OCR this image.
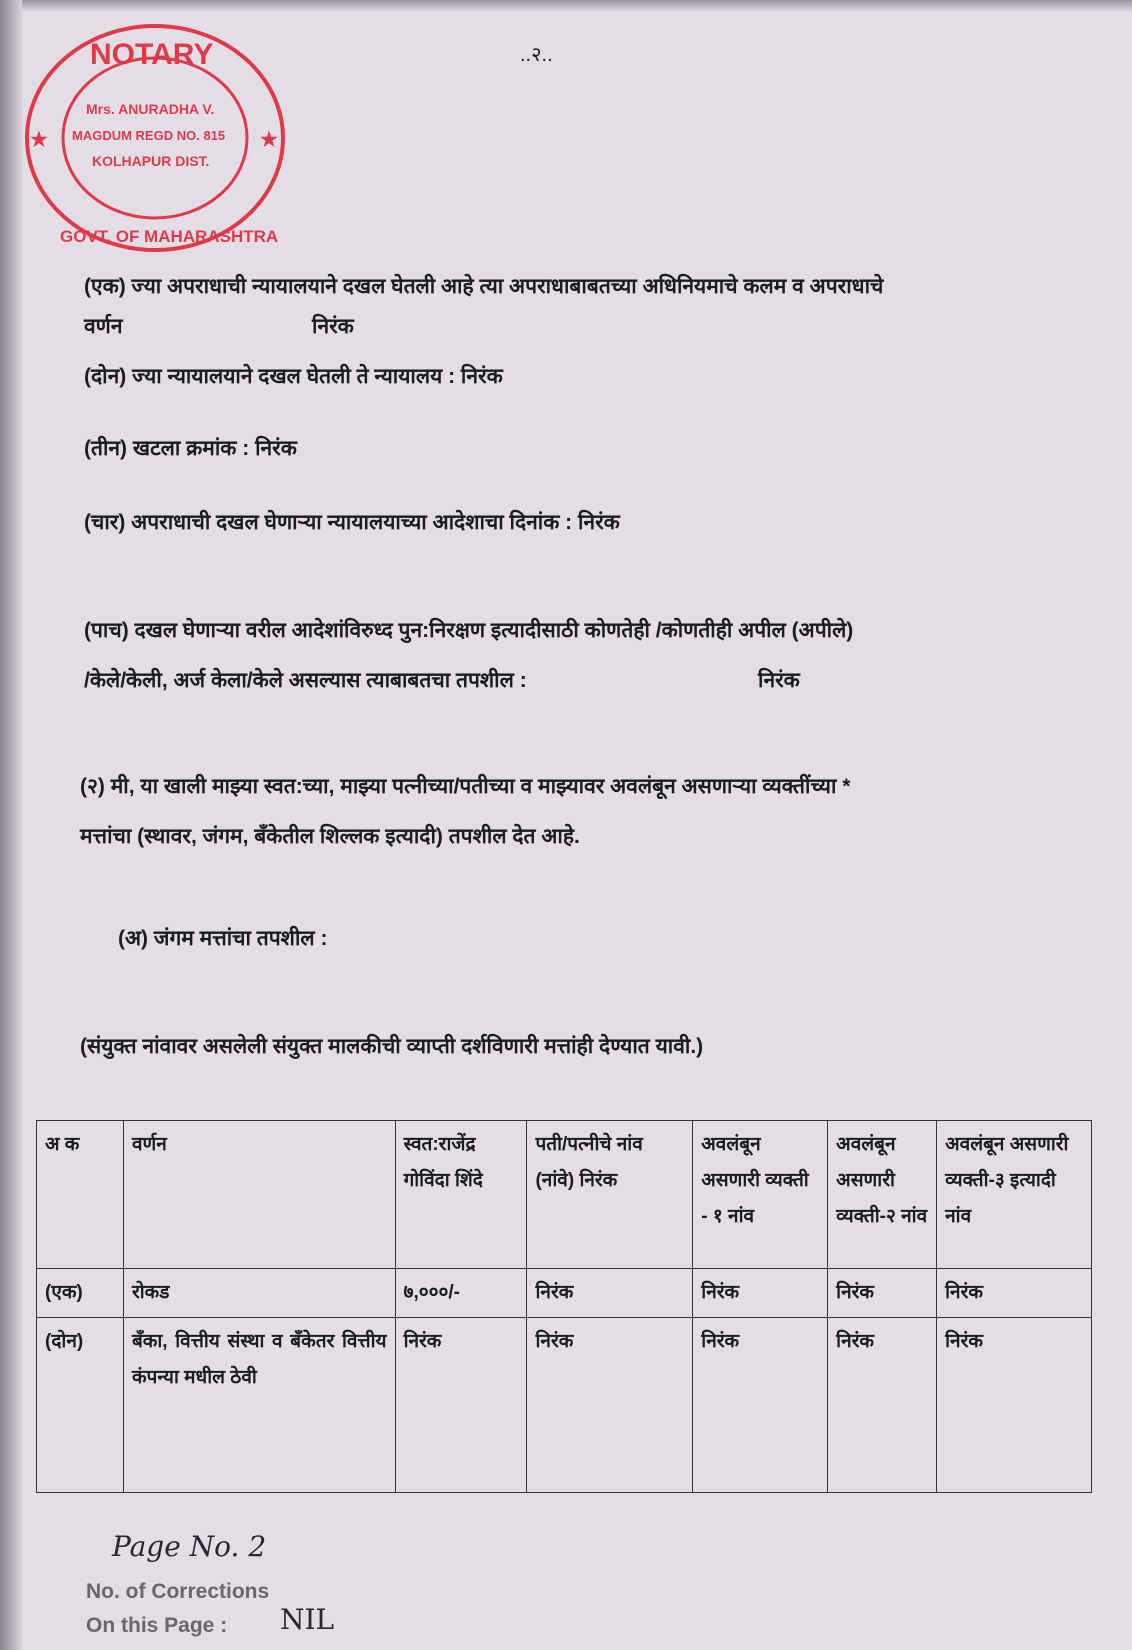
..२..
(एक) ज्या अपराधाची न्यायालयाने दखल घेतली आहे त्या अपराधाबाबतच्या अधिनियमाचे कलम व अपराधाचे
वर्णन	निरंक
(दोन) ज्या न्यायालयाने दखल घेतली ते न्यायालय : निरंक
(तीन) खटला क्रमांक : निरंक
(चार) अपराधाची दखल घेणाऱ्या न्यायालयाच्या आदेशाचा दिनांक : निरंक
(पाच) दखल घेणाऱ्या वरील आदेशांविरुध्द पुन:निरक्षण इत्यादीसाठी कोणतेही /कोणतीही अपील (अपीले)
/केले/केली, अर्ज केला/केले असल्यास त्याबाबतचा तपशील :	निरंक
(२) मी, या खाली माझ्या स्वत:च्या, माझ्या पत्नीच्या/पतीच्या व माझ्यावर अवलंबून असणाऱ्या व्यक्तींच्या *
मत्तांचा (स्थावर, जंगम, बँकेतील शिल्लक इत्यादी) तपशील देत आहे.
(अ) जंगम मत्तांचा तपशील :
(संयुक्त नांवावर असलेली संयुक्त मालकीची व्याप्ती दर्शविणारी मत्तांही देण्यात यावी.)
NOTARY
Mrs. ANURADHA V.
MAGDUM REGD NO. 815
KOLHAPUR DIST.
GOVT. OF MAHARASHTRA
★	★
अ क	वर्णन	स्वत:राजेंद्र गोविंदा शिंदे	पती/पत्नीचे नांव (नांवे) निरंक	अवलंबून असणारी व्यक्ती - १ नांव	अवलंबून असणारी व्यक्ती-२ नांव	अवलंबून असणारी व्यक्ती-३ इत्यादी नांव
(एक)	रोकड	७,०००/-	निरंक	निरंक	निरंक	निरंक
(दोन)	बँका, वित्तीय संस्था व बँकेतर वित्तीय कंपन्या मधील ठेवी	निरंक	निरंक	निरंक	निरंक	निरंक
Page No. 2
No. of Corrections
On this Page :	NIL
